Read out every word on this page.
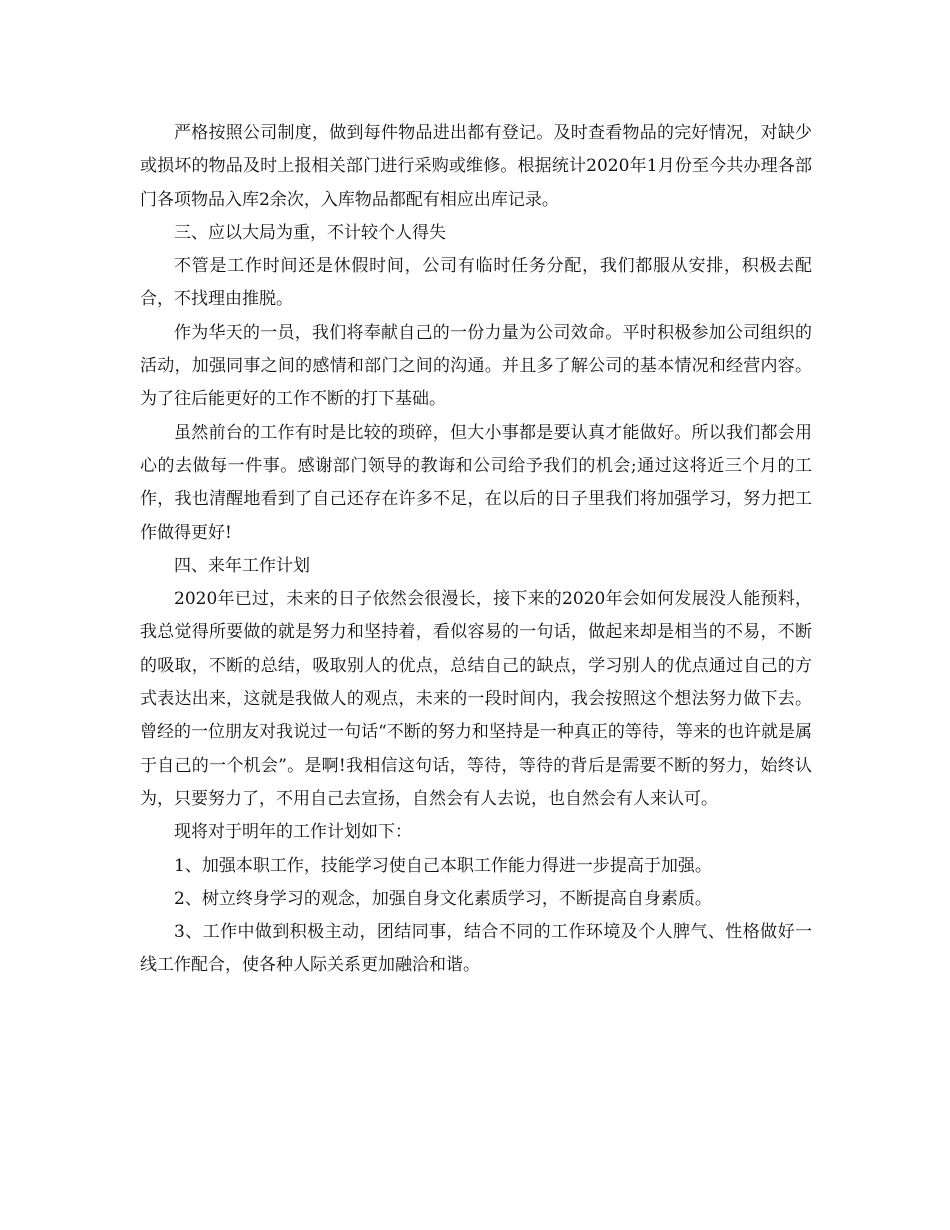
严格按照公司制度，做到每件物品进出都有登记。及时查看物品的完好情况，对缺少或损坏的物品及时上报相关部门进行采购或维修。根据统计2020年1月份至今共办理各部门各项物品入库2余次，入库物品都配有相应出库记录。

三、应以大局为重，不计较个人得失

不管是工作时间还是休假时间，公司有临时任务分配，我们都服从安排，积极去配合，不找理由推脱。

作为华天的一员，我们将奉献自己的一份力量为公司效命。平时积极参加公司组织的活动，加强同事之间的感情和部门之间的沟通。并且多了解公司的基本情况和经营内容。为了往后能更好的工作不断的打下基础。

虽然前台的工作有时是比较的琐碎，但大小事都是要认真才能做好。所以我们都会用心的去做每一件事。感谢部门领导的教诲和公司给予我们的机会;通过这将近三个月的工作，我也清醒地看到了自己还存在许多不足，在以后的日子里我们将加强学习，努力把工作做得更好!

四、来年工作计划

2020年已过，未来的日子依然会很漫长，接下来的2020年会如何发展没人能预料，我总觉得所要做的就是努力和坚持着，看似容易的一句话，做起来却是相当的不易，不断的吸取，不断的总结，吸取别人的优点，总结自己的缺点，学习别人的优点通过自己的方式表达出来，这就是我做人的观点，未来的一段时间内，我会按照这个想法努力做下去。曾经的一位朋友对我说过一句话“不断的努力和坚持是一种真正的等待，等来的也许就是属于自己的一个机会”。是啊!我相信这句话，等待，等待的背后是需要不断的努力，始终认为，只要努力了，不用自己去宣扬，自然会有人去说，也自然会有人来认可。

现将对于明年的工作计划如下：

1、加强本职工作，技能学习使自己本职工作能力得进一步提高于加强。

2、树立终身学习的观念，加强自身文化素质学习，不断提高自身素质。

3、工作中做到积极主动，团结同事，结合不同的工作环境及个人脾气、性格做好一线工作配合，使各种人际关系更加融洽和谐。
